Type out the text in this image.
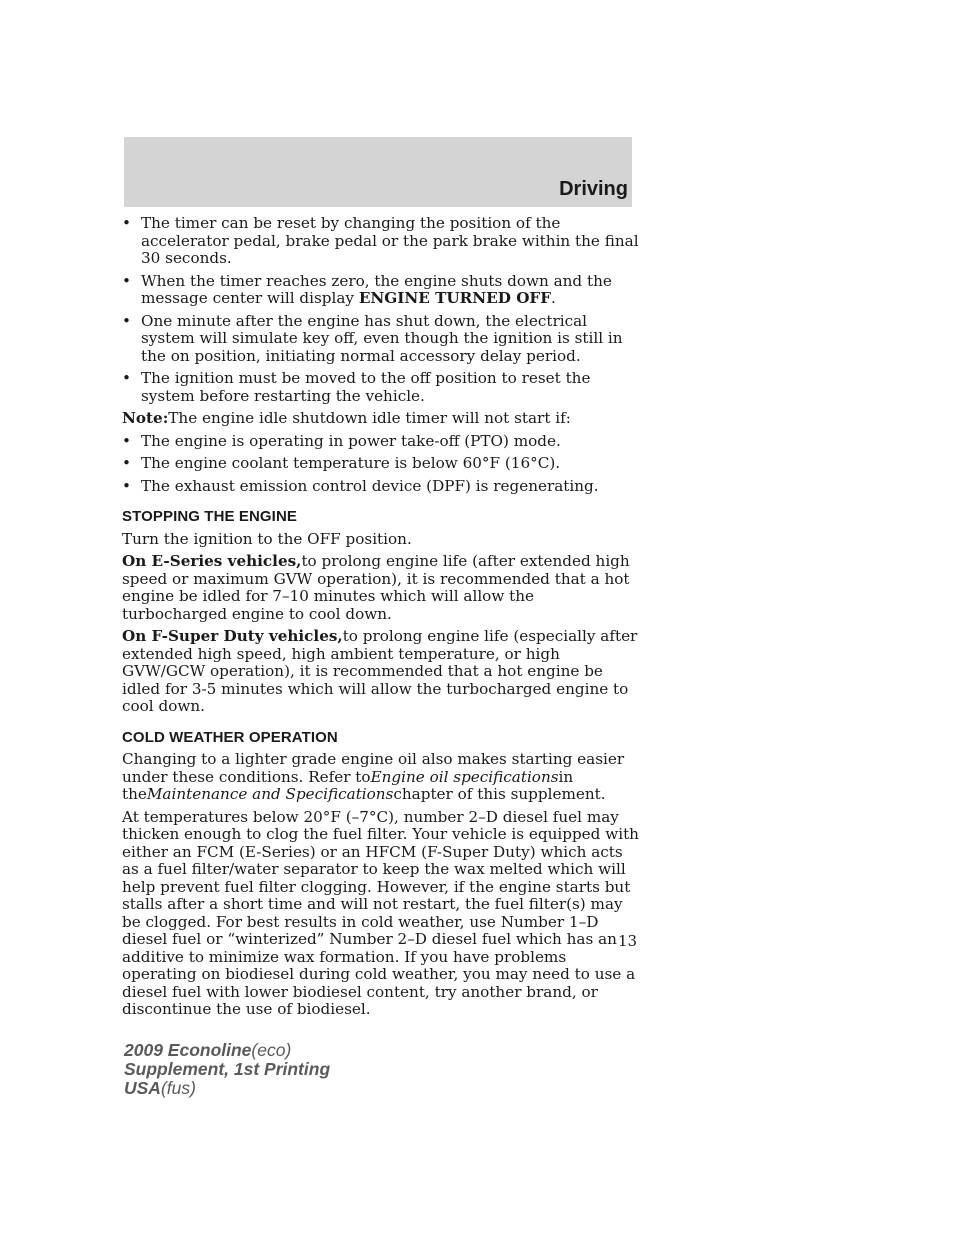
Driving
• The timer can be reset by changing the position of the accelerator pedal, brake pedal or the park brake within the final 30 seconds.
• When the timer reaches zero, the engine shuts down and the message center will display ENGINE TURNED OFF.
• One minute after the engine has shut down, the electrical system will simulate key off, even though the ignition is still in the on position, initiating normal accessory delay period.
• The ignition must be moved to the off position to reset the system before restarting the vehicle.

Note:The engine idle shutdown idle timer will not start if:

• The engine is operating in power take-off (PTO) mode.
• The engine coolant temperature is below 60°F (16°C).
• The exhaust emission control device (DPF) is regenerating.
STOPPING THE ENGINE

Turn the ignition to the OFF position.

On E-Series vehicles,to prolong engine life (after extended high speed or maximum GVW operation), it is recommended that a hot engine be idled for 7–10 minutes which will allow the turbocharged engine to cool down.

On F-Super Duty vehicles,to prolong engine life (especially after extended high speed, high ambient temperature, or high GVW/GCW operation), it is recommended that a hot engine be idled for 3-5 minutes which will allow the turbocharged engine to cool down.

COLD WEATHER OPERATION

Changing to a lighter grade engine oil also makes starting easier under these conditions. Refer toEngine oil specificationsin theMaintenance and Specificationschapter of this supplement.

At temperatures below 20°F (–7°C), number 2–D diesel fuel may thicken enough to clog the fuel filter. Your vehicle is equipped with either an FCM (E-Series) or an HFCM (F-Super Duty) which acts as a fuel filter/water separator to keep the wax melted which will help prevent fuel filter clogging. However, if the engine starts but stalls after a short time and will not restart, the fuel filter(s) may be clogged. For best results in cold weather, use Number 1–D diesel fuel or “winterized” Number 2–D diesel fuel which has an additive to minimize wax formation. If you have problems operating on biodiesel during cold weather, you may need to use a diesel fuel with lower biodiesel content, try another brand, or discontinue the use of biodiesel.

13
2009 Econoline(eco)
Supplement, 1st Printing
USA(fus)
